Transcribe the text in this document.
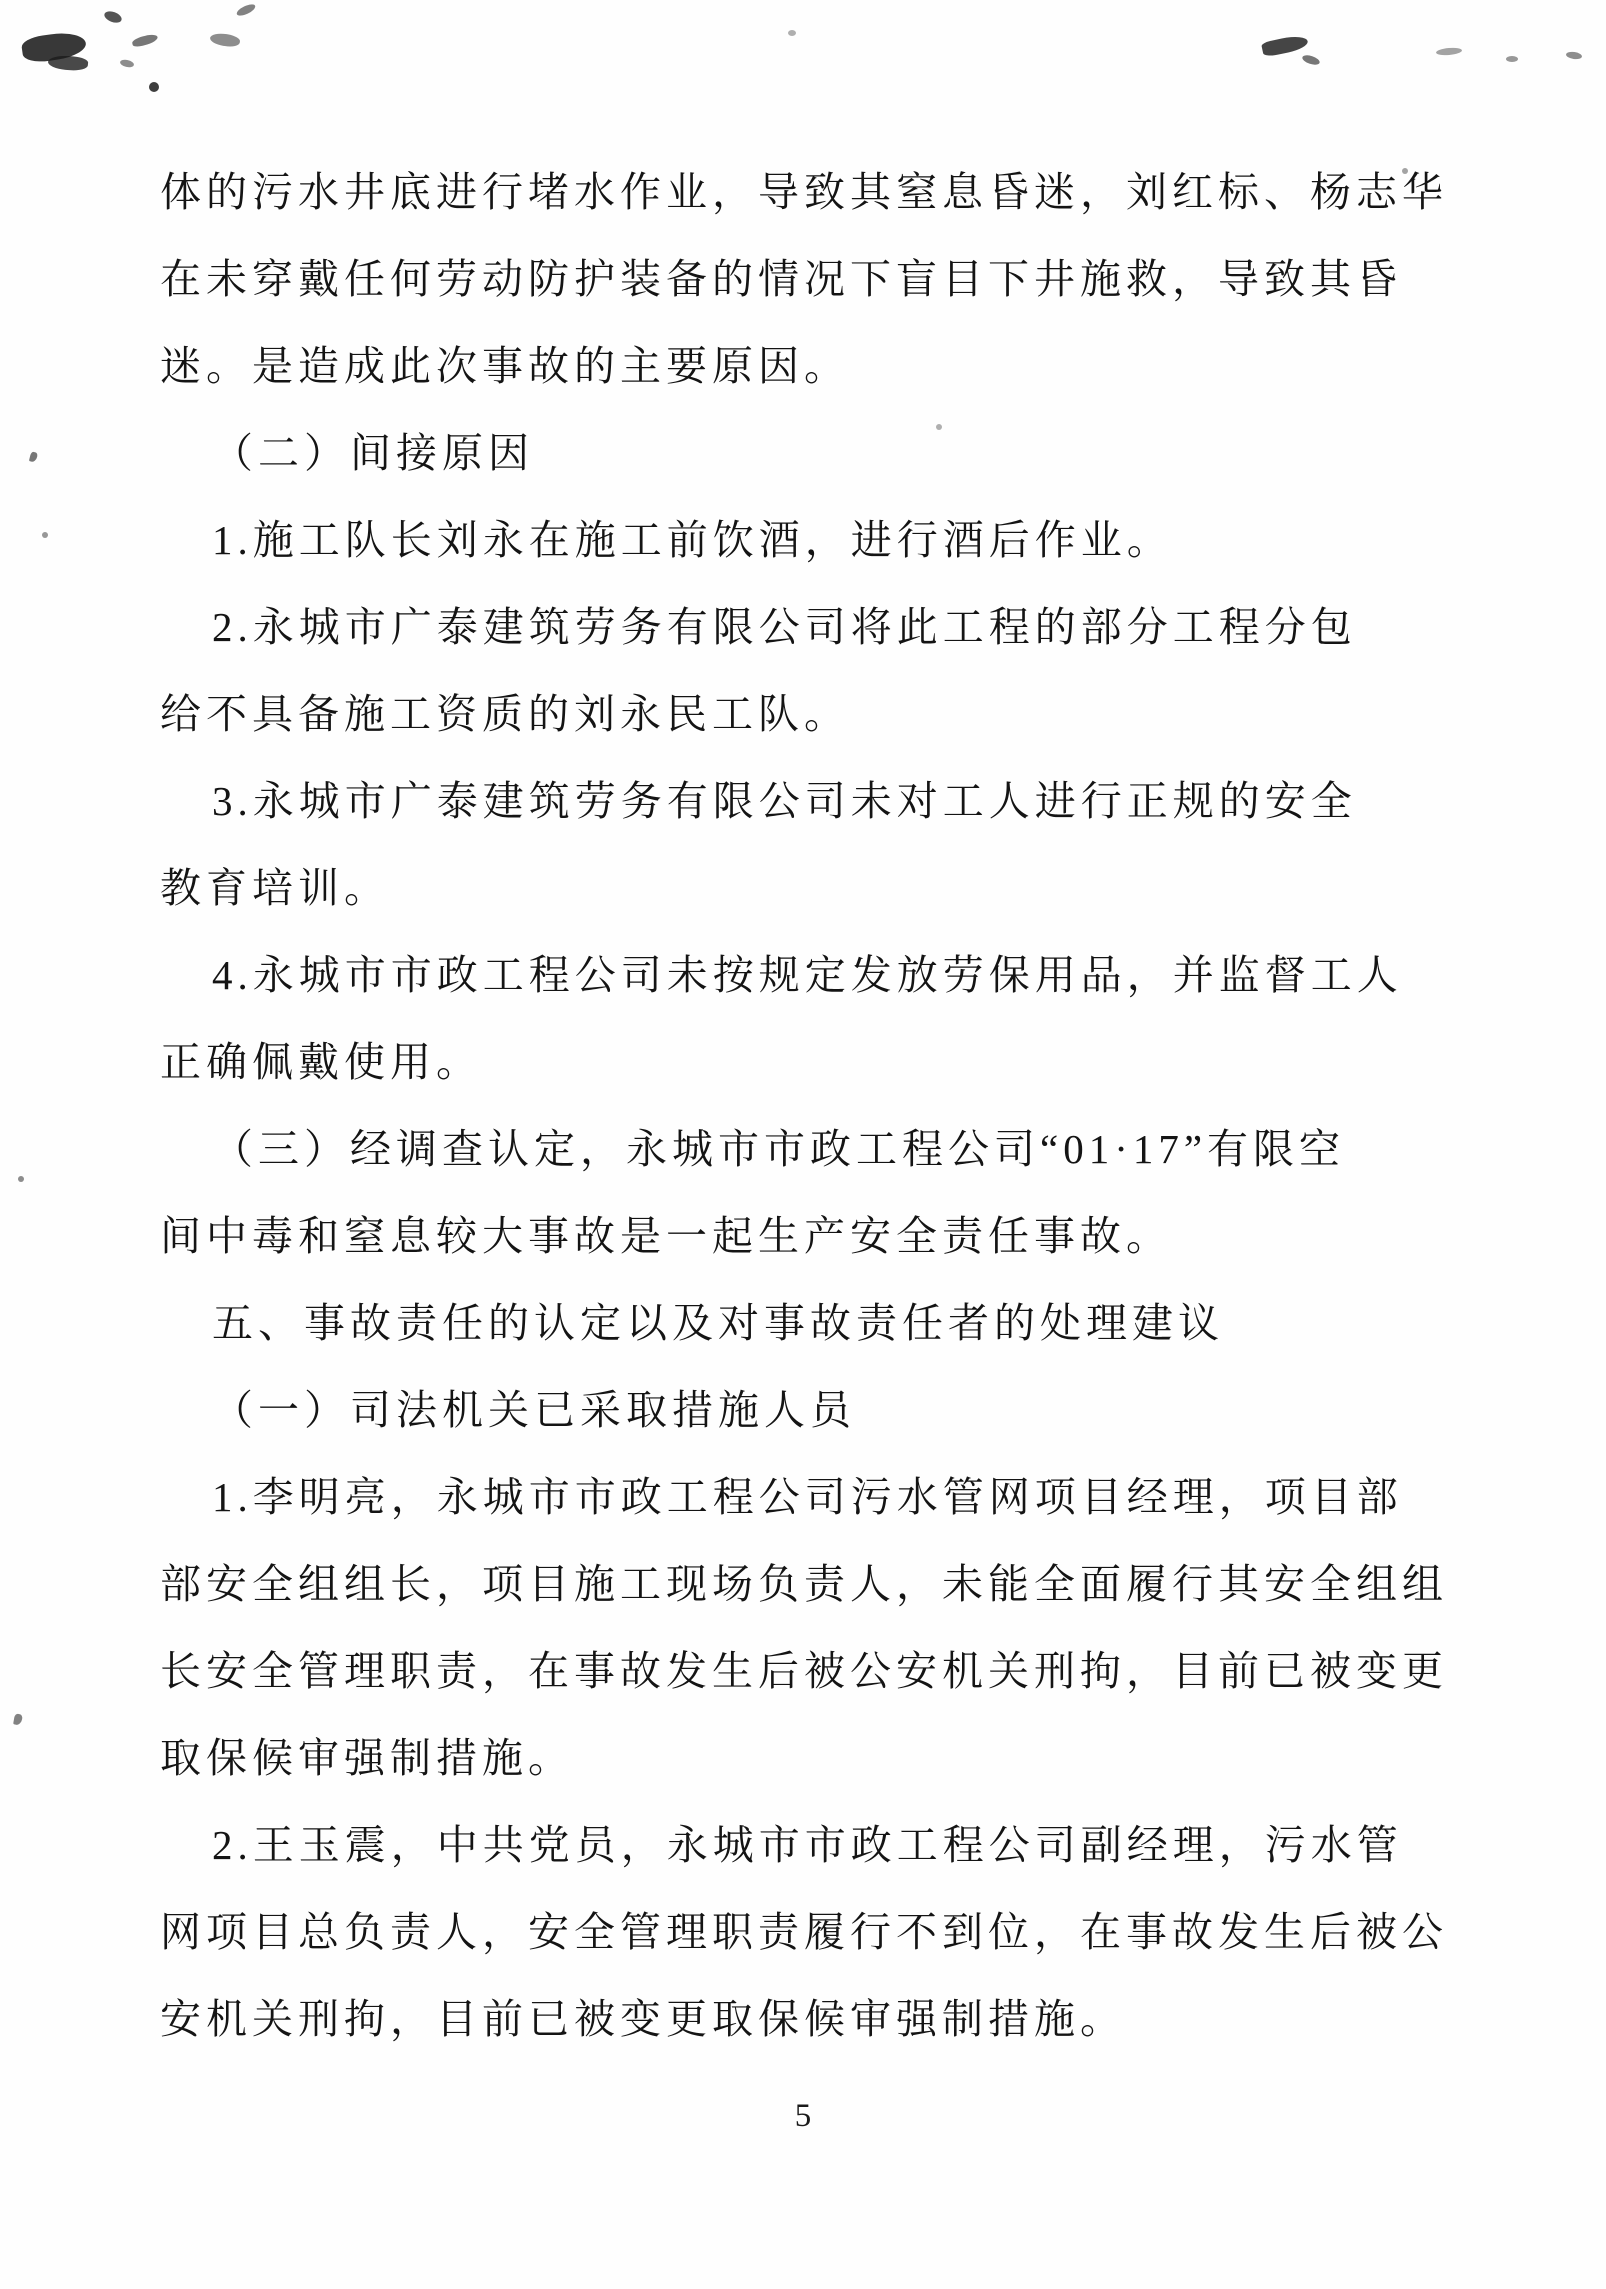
体的污水井底进行堵水作业，导致其窒息昏迷，刘红标、杨志华

在未穿戴任何劳动防护装备的情况下盲目下井施救，导致其昏

迷。是造成此次事故的主要原因。

（二）间接原因

1.施工队长刘永在施工前饮酒，进行酒后作业。

2.永城市广泰建筑劳务有限公司将此工程的部分工程分包

给不具备施工资质的刘永民工队。

3.永城市广泰建筑劳务有限公司未对工人进行正规的安全

教育培训。

4.永城市市政工程公司未按规定发放劳保用品，并监督工人

正确佩戴使用。

（三）经调查认定，永城市市政工程公司“01·17”有限空

间中毒和窒息较大事故是一起生产安全责任事故。

五、事故责任的认定以及对事故责任者的处理建议

（一）司法机关已采取措施人员

1.李明亮，永城市市政工程公司污水管网项目经理，项目部

部安全组组长，项目施工现场负责人，未能全面履行其安全组组

长安全管理职责，在事故发生后被公安机关刑拘，目前已被变更

取保候审强制措施。

2.王玉震，中共党员，永城市市政工程公司副经理，污水管

网项目总负责人，安全管理职责履行不到位，在事故发生后被公

安机关刑拘，目前已被变更取保候审强制措施。

5
